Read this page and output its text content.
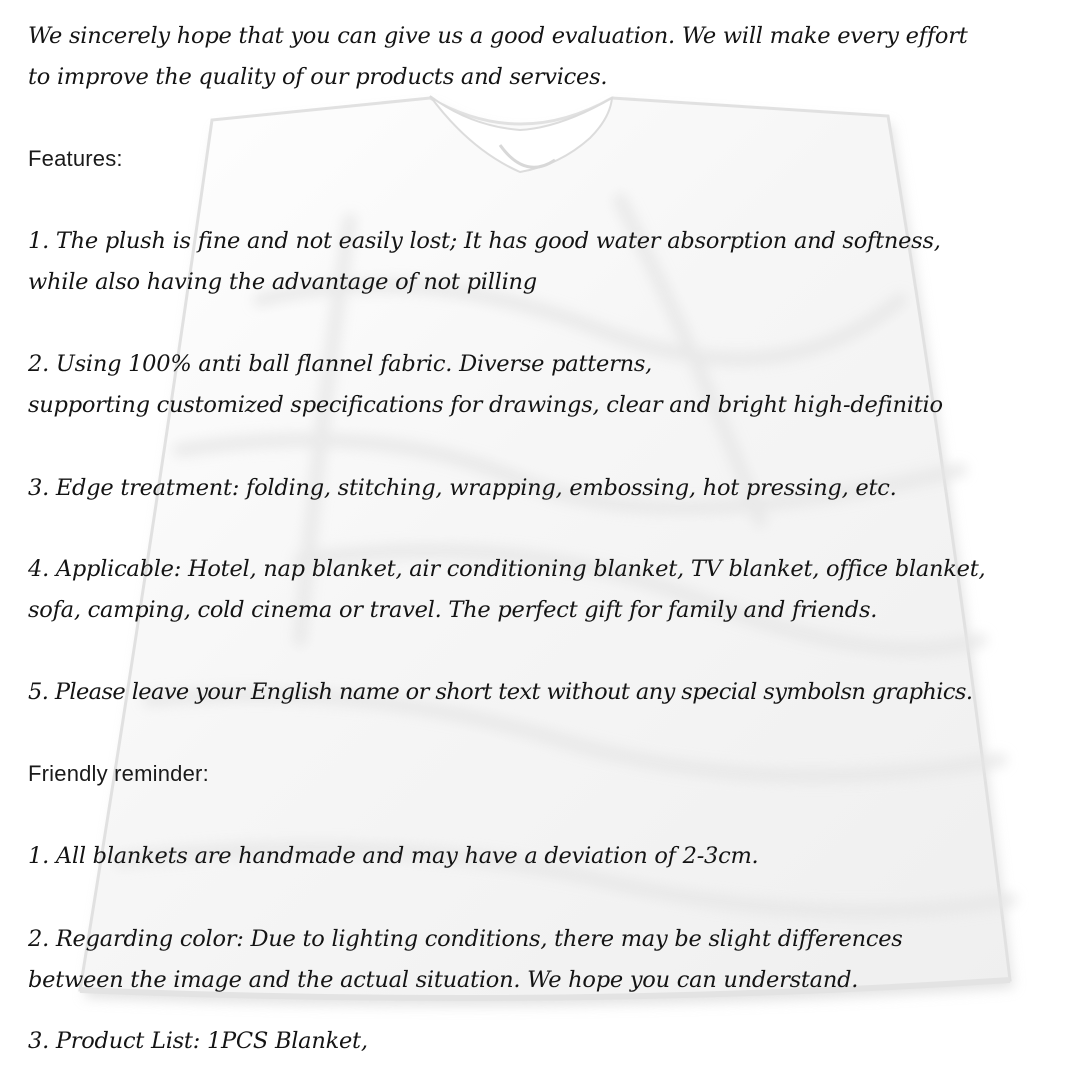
We sincerely hope that you can give us a good evaluation. We will make every effort
to improve the quality of our products and services.
Features:
1. The plush is fine and not easily lost; It has good water absorption and softness,
while also having the advantage of not pilling
2. Using 100% anti ball flannel fabric. Diverse patterns,
supporting customized specifications for drawings, clear and bright high-definitio
3. Edge treatment: folding, stitching, wrapping, embossing, hot pressing, etc.
4. Applicable: Hotel, nap blanket, air conditioning blanket, TV blanket, office blanket,
sofa, camping, cold cinema or travel. The perfect gift for family and friends.
5. Please leave your English name or short text without any special symbolsn graphics.
Friendly reminder:
1. All blankets are handmade and may have a deviation of 2-3cm.
2. Regarding color: Due to lighting conditions, there may be slight differences
between the image and the actual situation. We hope you can understand.
3. Product List: 1PCS Blanket,
